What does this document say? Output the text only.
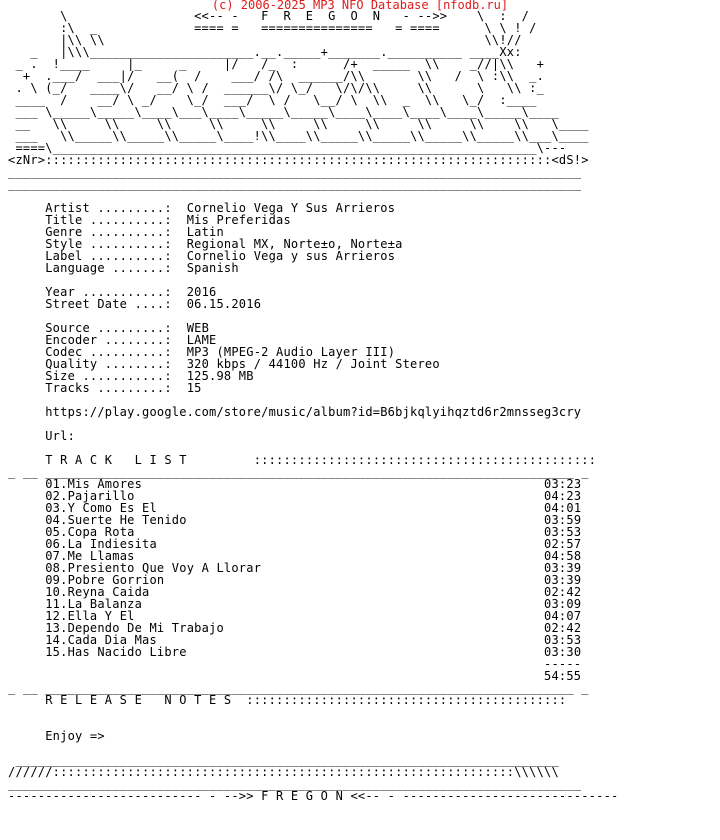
(c) 2006-2025 MP3 NFO Database [nfodb.ru]
\                 <<-- -   F  R  E  G  O  N   - -->>    \  :  /
:\  _             ==== =   ===============   = ====      \ \ ! /
|\\ \\                                                   \\!//
_   |\\\______________________.__._____+_______.__________ ____Xx:
_ .  !____     |_     _     |/   /_  :      /+  _____  \\    _//|\\   +
+  .___/  ___|/   __(  /    ___/ /\  ______/\\       \\   /  \ :\\  _.
. \ (_/   ____\/   __/ \ /  ______\/ \_/   \/\/\\     \\      \   \\ :_
____  /    __/ \ _/    \_/  ___/  \ /   \__/ \  \\  _  \\   \_/  :____
___ \_____\_____\____\___\____\_____\_____\____\____\____\____\_____\____
__   \\     \\     \\     \\     \\     \\     \\     \\     \\    \\   \____
___   \\_____\\_____\\_____\____!\\____\\_____\\_____\\_____\\_____\\___\____
====\_________________________________________________________________\---
<zNr>::::::::::::::::::::::::::::::::::::::::::::::::::::::::::::::::::::<dS!>
_____________________________________________________________________________
_____________________________________________________________________________

Artist .........: Cornelio Vega Y Sus Arrieros
Title ..........: Mis Preferidas
Genre ..........: Latin
Style ..........: Regional MX, Norte±o, Norte±a
Label ..........: Cornelio Vega y sus Arrieros
Language .......: Spanish

Year ...........: 2016
Street Date ....: 06.15.2016

Source .........: WEB
Encoder ........: LAME
Codec ..........: MP3 (MPEG-2 Audio Layer III)
Quality ........: 320 kbps / 44100 Hz / Joint Stereo
Size ...........: 125.98 MB
Tracks .........: 15

https://play.google.com/store/music/album?id=B6bjkqlyihqztd6r2mnsseg3cry

Url:

T R A C K   L I S T	::::::::::::::::::::::::::::::::::::::::::::::
_ __ _______________________________________________________________________ _
01.Mis Amores	03:23
02.Pajarillo	04:23
03.Y Como Es El	04:01
04.Suerte He Tenido	03:59
05.Copa Rota	03:53
06.La Indiesita	02:57
07.Me Llamas	04:58
08.Presiento Que Voy A Llorar	03:39
09.Pobre Gorrion	03:39
10.Reyna Caida	02:42
11.La Balanza	03:09
12.Ella Y El	04:07
13.Dependo De Mi Trabajo	02:42
14.Cada Dia Mas	03:53
15.Has Nacido Libre	03:30
-----
54:55
_ __ _______________________________________________________________________ _
R E L E A S E   N O T E S :::::::::::::::::::::::::::::::::::::::::::

Enjoy =>

_________________________________________________________________________
//////::::::::::::::::::::::::::::::::::::::::::::::::::::::::::::::\\\\\\
_____________________________________________________________________________
-------------------------- - -->> F R E G O N <<-- - -----------------------------
